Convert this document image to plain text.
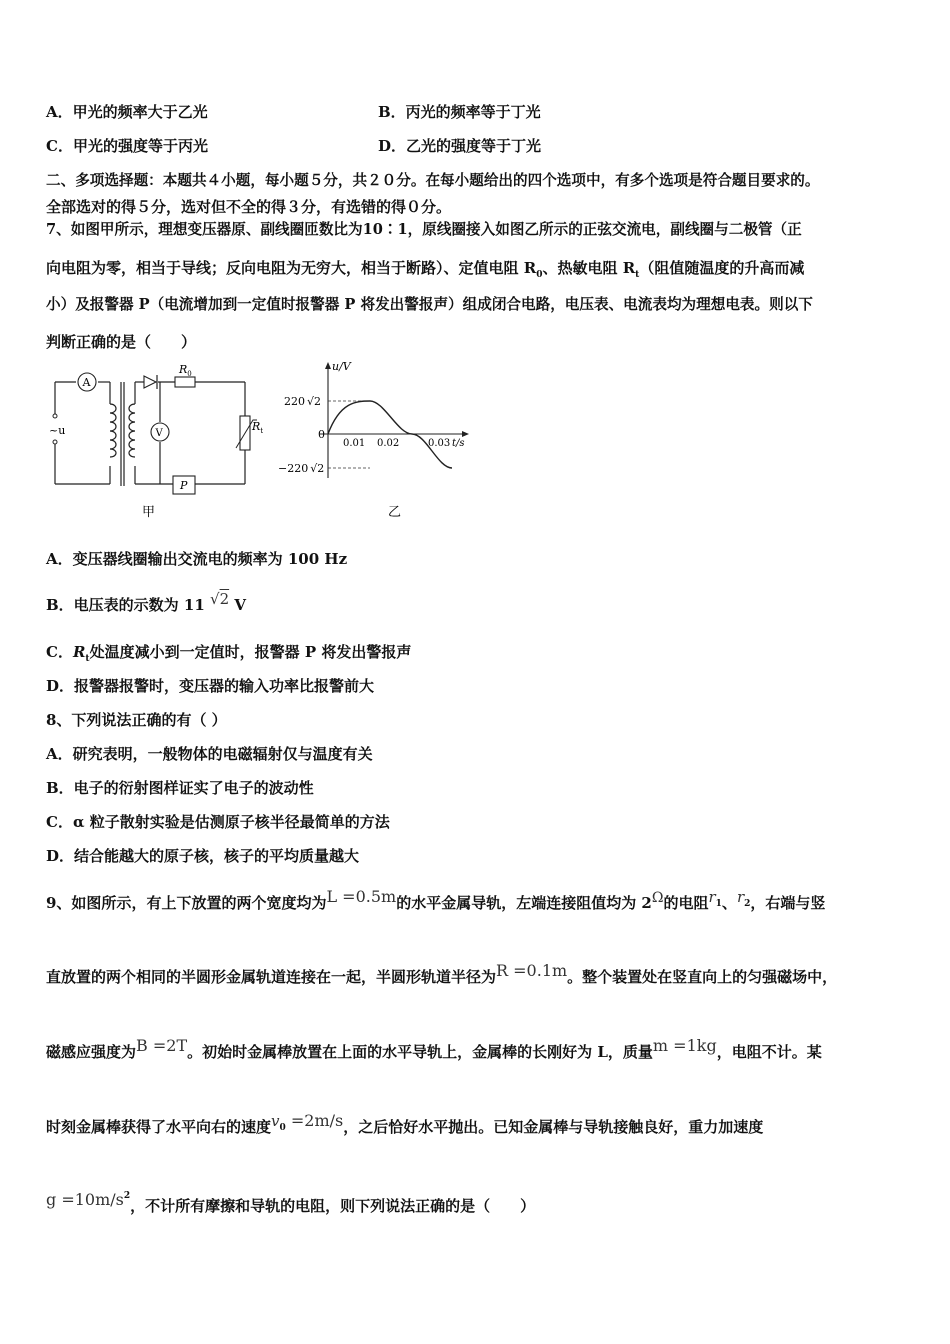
A．甲光的频率大于乙光	B．丙光的频率等于丁光
C．甲光的强度等于丙光	D．乙光的强度等于丁光
二、多项选择题：本题共４小题，每小题５分，共２０分。在每小题给出的四个选项中，有多个选项是符合题目要求的。
全部选对的得５分，选对但不全的得３分，有选错的得０分。
7、如图甲所示，理想变压器原、副线圈匝数比为10∶1，原线圈接入如图乙所示的正弦交流电，副线圈与二极管（正
向电阻为零，相当于导线；反向电阻为无穷大，相当于断路）、定值电阻 $R_0$、热敏电阻 $R_t$（阻值随温度的升高而减
小）及报警器 P（电流增加到一定值时报警器 P 将发出警报声）组成闭合电路，电压表、电流表均为理想电表。则以下
判断正确的是（　　）
~u
A
$R_0$
V
$R_t$
P
甲
u/V
t/s
220 √2
−220 √2
0
0.01 0.02	0.03
乙
A．变压器线圈输出交流电的频率为 100 Hz
B．电压表的示数为 11 √2 V
C．$R_t$处温度减小到一定值时，报警器 P 将发出警报声
D．报警器报警时，变压器的输入功率比报警前大
8、下列说法正确的有（ ）
A．研究表明，一般物体的电磁辐射仅与温度有关
B．电子的衍射图样证实了电子的波动性
C．α 粒子散射实验是估测原子核半径最简单的方法
D．结合能越大的原子核，核子的平均质量越大
9、如图所示，有上下放置的两个宽度均为L =0.5m的水平金属导轨，左端连接阻值均为 2Ω的电阻$r_1$、$r_2$，右端与竖
直放置的两个相同的半圆形金属轨道连接在一起，半圆形轨道半径为R =0.1m。整个装置处在竖直向上的匀强磁场中，
磁感应强度为B =2T。初始时金属棒放置在上面的水平导轨上，金属棒的长刚好为 L，质量m =1kg，电阻不计。某
时刻金属棒获得了水平向右的速度$v_0 =2m/s$，之后恰好水平抛出。已知金属棒与导轨接触良好，重力加速度
$g =10m/s^2$，不计所有摩擦和导轨的电阻，则下列说法正确的是（　　）
